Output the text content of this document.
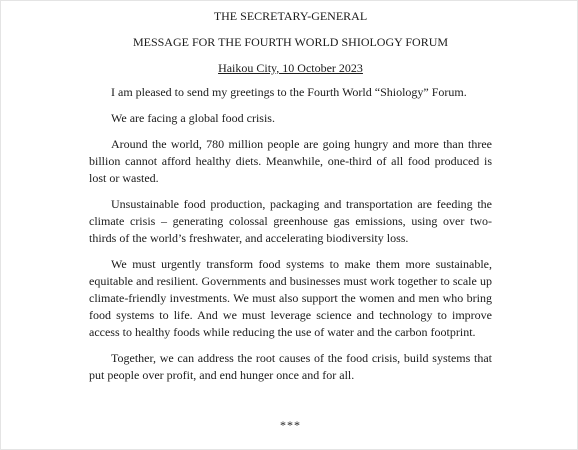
THE SECRETARY-GENERAL

MESSAGE FOR THE FOURTH WORLD SHIOLOGY FORUM

Haikou City, 10 October 2023

I am pleased to send my greetings to the Fourth World “Shiology” Forum.

We are facing a global food crisis.

Around the world, 780 million people are going hungry and more than three billion cannot afford healthy diets. Meanwhile, one-third of all food produced is lost or wasted.

Unsustainable food production, packaging and transportation are feeding the climate crisis – generating colossal greenhouse gas emissions, using over two-thirds of the world’s freshwater, and accelerating biodiversity loss.

We must urgently transform food systems to make them more sustainable, equitable and resilient. Governments and businesses must work together to scale up climate-friendly investments. We must also support the women and men who bring food systems to life. And we must leverage science and technology to improve access to healthy foods while reducing the use of water and the carbon footprint.

Together, we can address the root causes of the food crisis, build systems that put people over profit, and end hunger once and for all.

***
